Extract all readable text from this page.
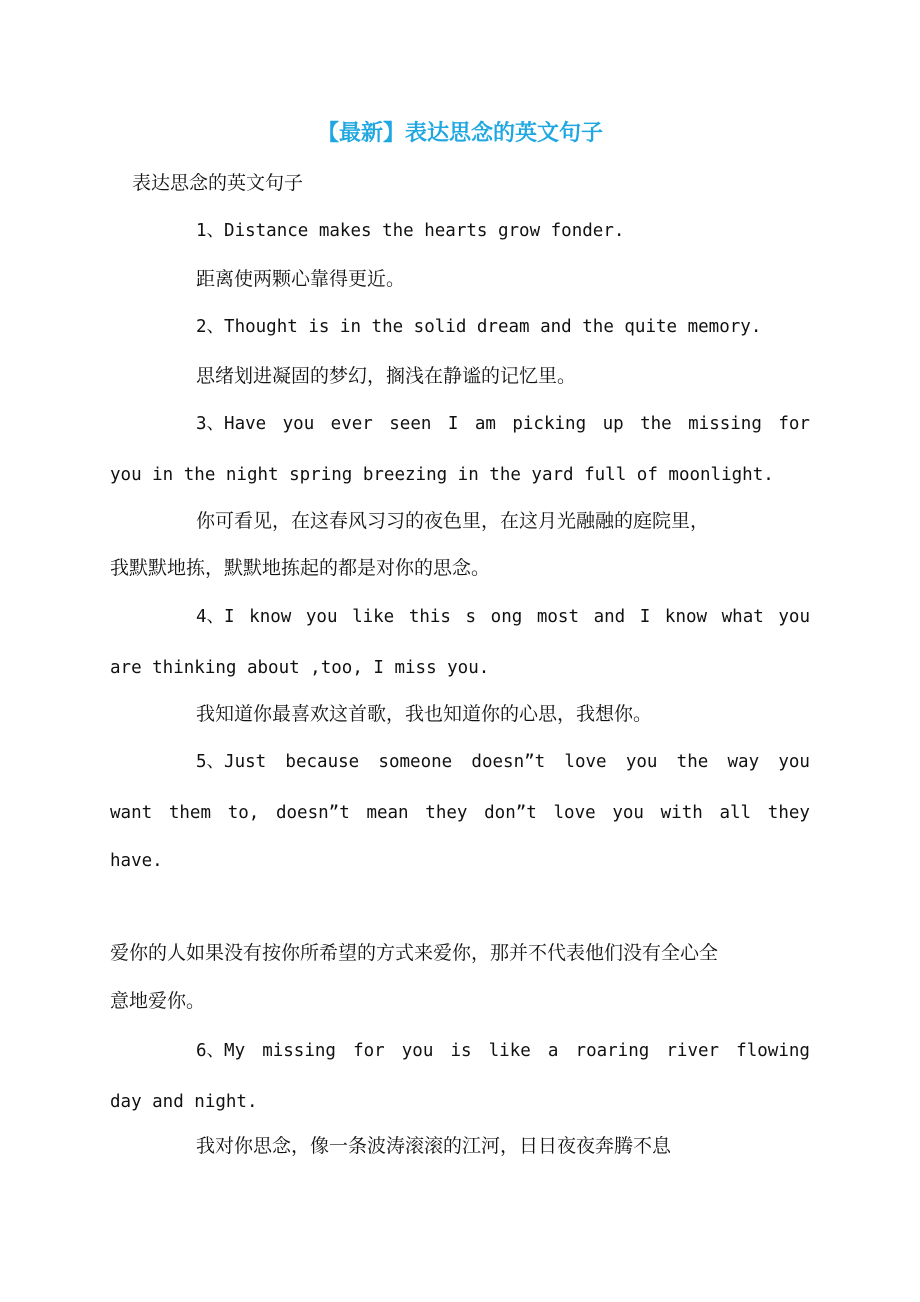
【最新】表达思念的英文句子
表达思念的英文句子
1、Distance makes the hearts grow fonder.
距离使两颗心靠得更近。
2、Thought is in the solid dream and the quite memory.
思绪划进凝固的梦幻，搁浅在静谧的记忆里。
3、Have you ever seen I am picking up the missing for
you in the night spring breezing in the yard full of moonlight.
你可看见，在这春风习习的夜色里，在这月光融融的庭院里，
我默默地拣，默默地拣起的都是对你的思念。
4、I know you like this s ong most and I know what you
are thinking about ,too, I miss you.
我知道你最喜欢这首歌，我也知道你的心思，我想你。
5、Just because someone doesn”t love you the way you
want them to, doesn”t mean they don”t love you with all they
have.
爱你的人如果没有按你所希望的方式来爱你，那并不代表他们没有全心全
意地爱你。
6、My missing for you is like a roaring river flowing
day and night.
我对你思念，像一条波涛滚滚的江河，日日夜夜奔腾不息
